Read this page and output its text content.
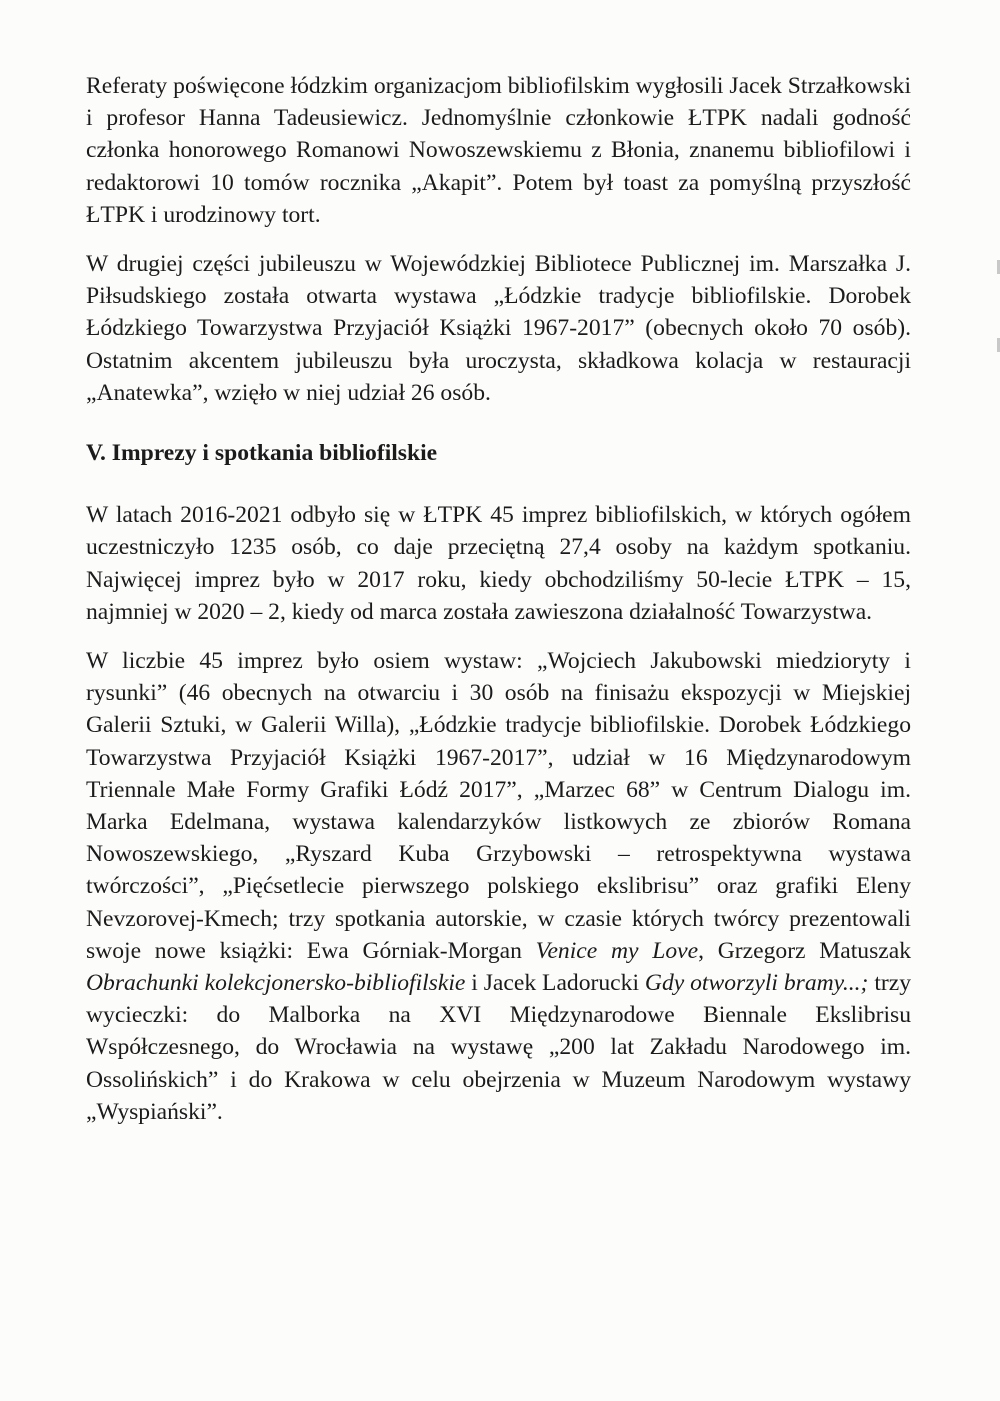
Referaty poświęcone łódzkim organizacjom bibliofilskim wygłosili Jacek Strzałkowski i profesor Hanna Tadeusiewicz. Jednomyślnie członkowie ŁTPK nadali godność członka honorowego Romanowi Nowoszewskiemu z Błonia, znanemu bibliofilowi i redaktorowi 10 tomów rocznika „Akapit”. Potem był toast za pomyślną przyszłość ŁTPK i urodzinowy tort.

W drugiej części jubileuszu w Wojewódzkiej Bibliotece Publicznej im. Marszałka J. Piłsudskiego została otwarta wystawa „Łódzkie tradycje bibliofilskie. Dorobek Łódzkiego Towarzystwa Przyjaciół Książki 1967-2017” (obecnych około 70 osób). Ostatnim akcentem jubileuszu była uroczysta, składkowa kolacja w restauracji „Anatewka”, wzięło w niej udział 26 osób.

V. Imprezy i spotkania bibliofilskie

W latach 2016-2021 odbyło się w ŁTPK 45 imprez bibliofilskich, w których ogółem uczestniczyło 1235 osób, co daje przeciętną 27,4 osoby na każdym spotkaniu. Najwięcej imprez było w 2017 roku, kiedy obchodziliśmy 50-lecie ŁTPK – 15, najmniej w 2020 – 2, kiedy od marca została zawieszona działalność Towarzystwa.

W liczbie 45 imprez było osiem wystaw: „Wojciech Jakubowski miedzioryty i rysunki” (46 obecnych na otwarciu i 30 osób na finisażu ekspozycji w Miejskiej Galerii Sztuki, w Galerii Willa), „Łódzkie tradycje bibliofilskie. Dorobek Łódzkiego Towarzystwa Przyjaciół Książki 1967-2017”, udział w 16 Międzynarodowym Triennale Małe Formy Grafiki Łódź 2017”, „Marzec 68” w Centrum Dialogu im. Marka Edelmana, wystawa kalendarzyków listkowych ze zbiorów Romana Nowoszewskiego, „Ryszard Kuba Grzybowski – retrospektywna wystawa twórczości”, „Pięćsetlecie pierwszego polskiego ekslibrisu” oraz grafiki Eleny Nevzorovej-Kmech; trzy spotkania autorskie, w czasie których twórcy prezentowali swoje nowe książki: Ewa Górniak-Morgan Venice my Love, Grzegorz Matuszak Obrachunki kolekcjonersko-bibliofilskie i Jacek Ladorucki Gdy otworzyli bramy...; trzy wycieczki: do Malborka na XVI Międzynarodowe Biennale Ekslibrisu Współczesnego, do Wrocławia na wystawę „200 lat Zakładu Narodowego im. Ossolińskich” i do Krakowa w celu obejrzenia w Muzeum Narodowym wystawy „Wyspiański”.
